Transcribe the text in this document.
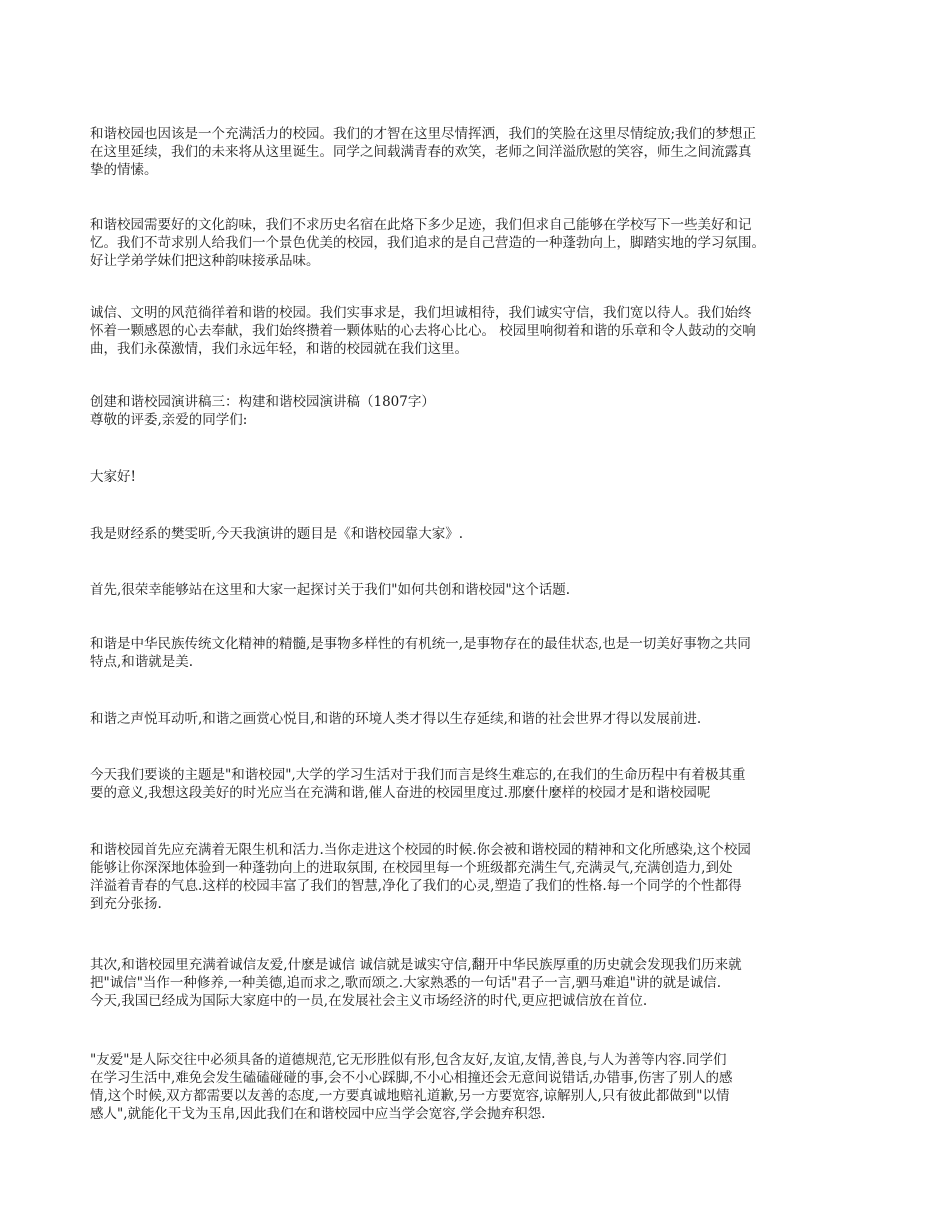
和谐校园也因该是一个充满活力的校园。我们的才智在这里尽情挥洒，我们的笑脸在这里尽情绽放;我们的梦想正
在这里延续，我们的未来将从这里诞生。同学之间载满青春的欢笑，老师之间洋溢欣慰的笑容，师生之间流露真
挚的情愫。
和谐校园需要好的文化韵味，我们不求历史名宿在此烙下多少足迹，我们但求自己能够在学校写下一些美好和记
忆。我们不苛求别人给我们一个景色优美的校园，我们追求的是自己营造的一种蓬勃向上，脚踏实地的学习氛围。
好让学弟学妹们把这种韵味接承品味。
诚信、文明的风范徜徉着和谐的校园。我们实事求是，我们坦诚相待，我们诚实守信，我们宽以待人。我们始终
怀着一颗感恩的心去奉献，我们始终攒着一颗体贴的心去将心比心。 校园里响彻着和谐的乐章和令人鼓动的交响
曲，我们永葆激情，我们永远年轻，和谐的校园就在我们这里。
创建和谐校园演讲稿三：构建和谐校园演讲稿（1807字）
尊敬的评委,亲爱的同学们:
大家好!
我是财经系的樊雯昕,今天我演讲的题目是《和谐校园靠大家》.
首先,很荣幸能够站在这里和大家一起探讨关于我们"如何共创和谐校园"这个话题.
和谐是中华民族传统文化精神的精髓,是事物多样性的有机统一,是事物存在的最佳状态,也是一切美好事物之共同
特点,和谐就是美.
和谐之声悦耳动听,和谐之画赏心悦目,和谐的环境人类才得以生存延续,和谐的社会世界才得以发展前进.
今天我们要谈的主题是"和谐校园",大学的学习生活对于我们而言是终生难忘的,在我们的生命历程中有着极其重
要的意义,我想这段美好的时光应当在充满和谐,催人奋进的校园里度过.那麼什麼样的校园才是和谐校园呢
和谐校园首先应充满着无限生机和活力.当你走进这个校园的时候.你会被和谐校园的精神和文化所感染,这个校园
能够让你深深地体验到一种蓬勃向上的进取氛围, 在校园里每一个班级都充满生气,充满灵气,充满创造力,到处
洋溢着青春的气息.这样的校园丰富了我们的智慧,净化了我们的心灵,塑造了我们的性格.每一个同学的个性都得
到充分张扬.
其次,和谐校园里充满着诚信友爱,什麽是诚信 诚信就是诚实守信,翻开中华民族厚重的历史就会发现我们历来就
把"诚信"当作一种修养,一种美德,追而求之,歌而颂之.大家熟悉的一句话"君子一言,驷马难追"讲的就是诚信.
今天,我国已经成为国际大家庭中的一员,在发展社会主义市场经济的时代,更应把诚信放在首位.
"友爱"是人际交往中必须具备的道德规范,它无形胜似有形,包含友好,友谊,友情,善良,与人为善等内容.同学们
在学习生活中,难免会发生磕磕碰碰的事,会不小心踩脚,不小心相撞还会无意间说错话,办错事,伤害了别人的感
情,这个时候,双方都需要以友善的态度,一方要真诚地赔礼道歉,另一方要宽容,谅解别人,只有彼此都做到"以情
感人",就能化干戈为玉帛,因此我们在和谐校园中应当学会宽容,学会抛弃积怨.
